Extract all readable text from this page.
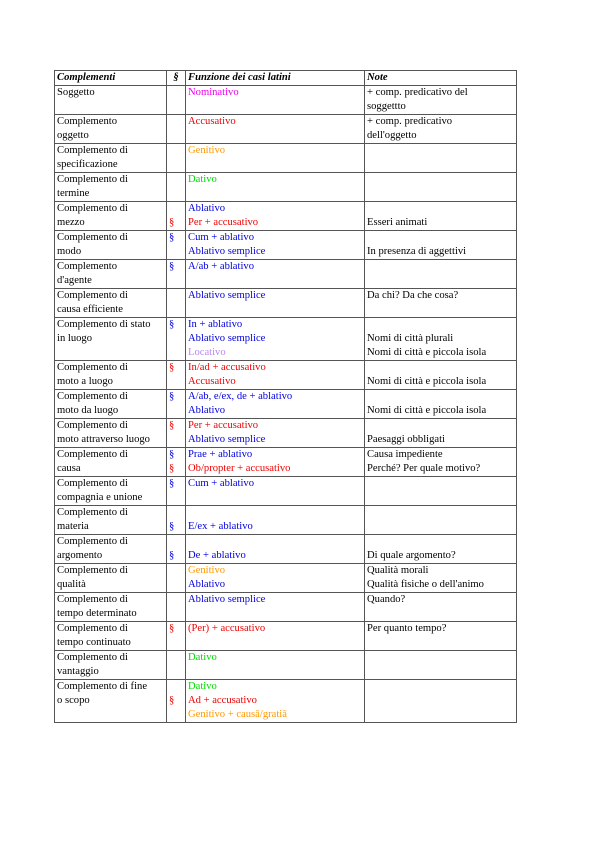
Complementi	§	Funzione dei casi latini	Note

Soggetto		Nominativo	+ comp. predicativo del
soggettto

Complemento
oggetto		Accusativo	+ comp. predicativo
dell'oggetto

Complemento di
specificazione		Genitivo	

Complemento di
termine		Dativo	

Complemento di
mezzo	§	Ablativo
Per + accusativo	Esseri animati

Complemento di
modo	§	Cum + ablativo
Ablativo semplice	In presenza di aggettivi

Complemento
d'agente	§	A/ab + ablativo	

Complemento di
causa efficiente		Ablativo semplice	Da chi? Da che cosa?

Complemento di stato
in luogo	§	In + ablativo
Ablativo semplice
Locativo	Nomi di città plurali
Nomi di città e piccola isola

Complemento di
moto a luogo	§	In/ad + accusativo
Accusativo	Nomi di città e piccola isola

Complemento di
moto da luogo	§	A/ab, e/ex, de + ablativo
Ablativo	Nomi di città e piccola isola

Complemento di
moto attraverso luogo	§	Per + accusativo
Ablativo semplice	Paesaggi obbligati

Complemento di
causa	§
§	Prae + ablativo
Ob/propter + accusativo	Causa impediente
Perché? Per quale motivo?

Complemento di
compagnia e unione	§	Cum + ablativo	

Complemento di
materia	§	E/ex + ablativo	

Complemento di
argomento	§	De + ablativo	Di quale argomento?

Complemento di
qualità		Genitivo
Ablativo	Qualità morali
Qualità fisiche o dell'animo

Complemento di
tempo determinato		Ablativo semplice	Quando?

Complemento di
tempo continuato	§	(Per) + accusativo	Per quanto tempo?

Complemento di
vantaggio		Dativo	

Complemento di fine
o scopo	§	Dativo
Ad + accusativo
Genitivo + causā/gratiā	
